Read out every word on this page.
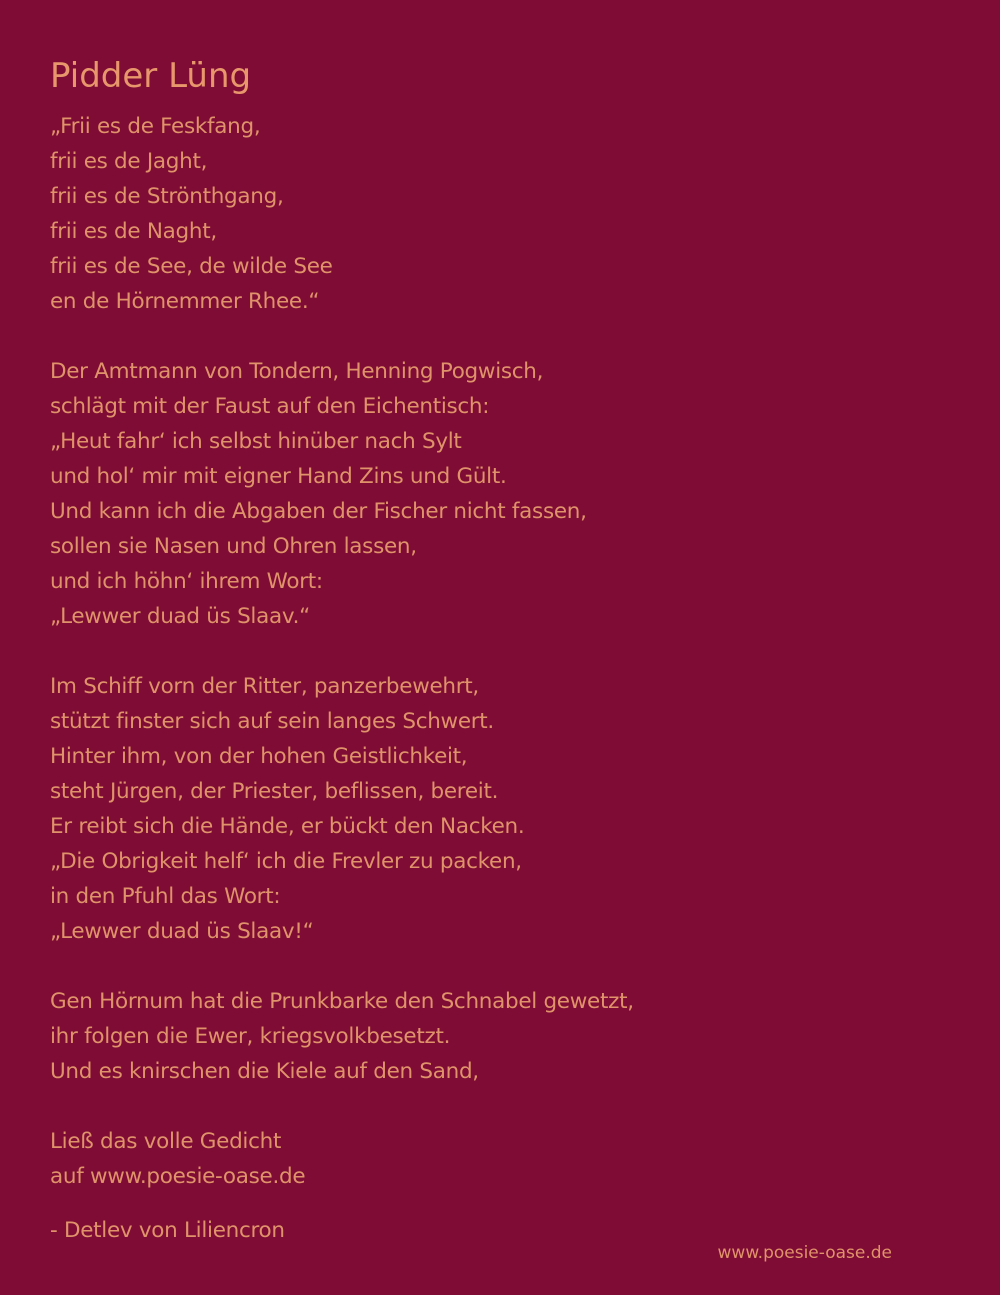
Pidder Lüng
„Frii es de Feskfang,
frii es de Jaght,
frii es de Strönthgang,
frii es de Naght,
frii es de See, de wilde See
en de Hörnemmer Rhee.“
Der Amtmann von Tondern, Henning Pogwisch,
schlägt mit der Faust auf den Eichentisch:
„Heut fahr‘ ich selbst hinüber nach Sylt
und hol‘ mir mit eigner Hand Zins und Gült.
Und kann ich die Abgaben der Fischer nicht fassen,
sollen sie Nasen und Ohren lassen,
und ich höhn‘ ihrem Wort:
„Lewwer duad üs Slaav.“
Im Schiff vorn der Ritter, panzerbewehrt,
stützt finster sich auf sein langes Schwert.
Hinter ihm, von der hohen Geistlichkeit,
steht Jürgen, der Priester, beflissen, bereit.
Er reibt sich die Hände, er bückt den Nacken.
„Die Obrigkeit helf‘ ich die Frevler zu packen,
in den Pfuhl das Wort:
„Lewwer duad üs Slaav!“
Gen Hörnum hat die Prunkbarke den Schnabel gewetzt,
ihr folgen die Ewer, kriegsvolkbesetzt.
Und es knirschen die Kiele auf den Sand,
Ließ das volle Gedicht
auf www.poesie-oase.de
- Detlev von Liliencron
www.poesie-oase.de
